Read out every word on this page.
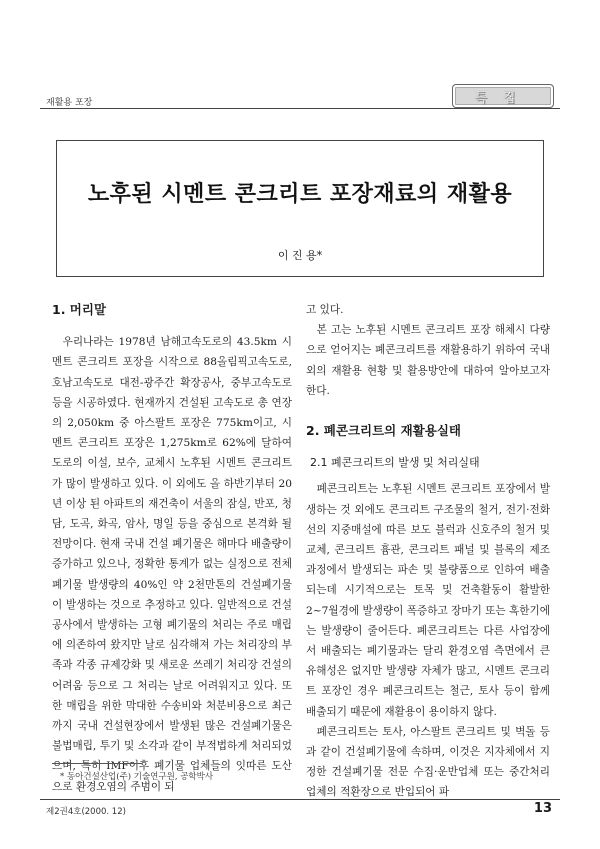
재활용 포장	특집
노후된 시멘트 콘크리트 포장재료의 재활용
이 진 용*
1. 머리말

우리나라는 1978년 남해고속도로의 43.5km 시멘트 콘크리트 포장을 시작으로 88올림픽고속도로, 호남고속도로 대전-광주간 확장공사, 중부고속도로 등을 시공하였다. 현재까지 건설된 고속도로 총 연장의 2,050km 중 아스팔트 포장은 775km이고, 시멘트 콘크리트 포장은 1,275km로 62%에 달하여 도로의 이설, 보수, 교체시 노후된 시멘트 콘크리트가 많이 발생하고 있다. 이 외에도 올 하반기부터 20년 이상 된 아파트의 재건축이 서울의 잠실, 반포, 청담, 도곡, 화곡, 암사, 명일 등을 중심으로 본격화 될 전망이다. 현재 국내 건설 폐기물은 해마다 배출량이 증가하고 있으나, 정확한 통계가 없는 실정으로 전체 폐기물 발생량의 40%인 약 2천만톤의 건설폐기물이 발생하는 것으로 추정하고 있다. 일반적으로 건설공사에서 발생하는 고형 폐기물의 처리는 주로 매립에 의존하여 왔지만 날로 심각해져 가는 처리장의 부족과 각종 규제강화 및 새로운 쓰레기 처리장 건설의 어려움 등으로 그 처리는 날로 어려워지고 있다. 또한 매립을 위한 막대한 수송비와 처분비용으로 최근까지 국내 건설현장에서 발생된 많은 건설폐기물은 불법매립, 투기 및 소각과 같이 부적법하게 처리되었으며, 특히 IMF이후 폐기물 업체들의 잇따른 도산으로 환경오염의 주범이 되

고 있다.

본 고는 노후된 시멘트 콘크리트 포장 해체시 다량으로 얻어지는 폐콘크리트를 재활용하기 위하여 국내외의 재활용 현황 및 활용방안에 대하여 알아보고자 한다.

2. 폐콘크리트의 재활용실태
2.1 폐콘크리트의 발생 및 처리실태

폐콘크리트는 노후된 시멘트 콘크리트 포장에서 발생하는 것 외에도 콘크리트 구조물의 철거, 전기·전화선의 지중매설에 따른 보도 블럭과 신호주의 철거 및 교체, 콘크리트 흄관, 콘크리트 패널 및 블록의 제조과정에서 발생되는 파손 및 불량품으로 인하여 배출되는데 시기적으로는 토목 및 건축활동이 활발한 2~7월경에 발생량이 폭증하고 장마기 또는 혹한기에는 발생량이 줄어든다. 폐콘크리트는 다른 사업장에서 배출되는 폐기물과는 달리 환경오염 측면에서 큰 유해성은 없지만 발생량 자체가 많고, 시멘트 콘크리트 포장인 경우 폐콘크리트는 철근, 토사 등이 함께 배출되기 때문에 재활용이 용이하지 않다.

폐콘크리트는 토사, 아스팔트 콘크리트 및 벽돌 등과 같이 건설폐기물에 속하며, 이것은 지자체에서 지정한 건설폐기물 전문 수집·운반업체 또는 중간처리업체의 적환장으로 반입되어 파

* 동아건설산업(주) 기술연구원, 공학박사
제2권4호(2000. 12)	13
